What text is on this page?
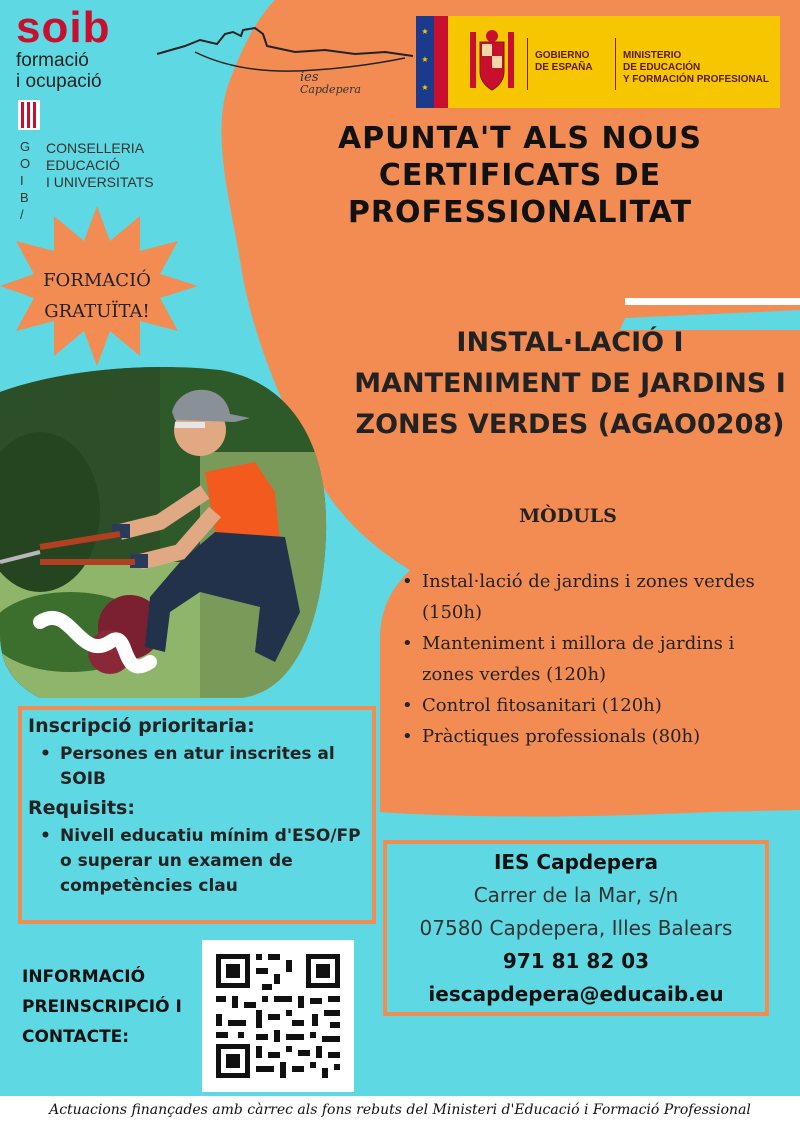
soib
formació
i ocupació
G
O
I
B
/
CONSELLERIA
EDUCACIÓ
I UNIVERSITATS
ies
Capdepera
★
★
★
GOBIERNO
DE ESPAÑA
MINISTERIO
DE EDUCACIÓN
Y FORMACIÓN PROFESIONAL
APUNTA'T ALS NOUS
CERTIFICATS DE
PROFESSIONALITAT
INSTAL·LACIÓ I
MANTENIMENT DE JARDINS I
ZONES VERDES (AGAO0208)
MÒDULS
• Instal·lació de jardins i zones verdes (150h)
• Manteniment i millora de jardins i zones verdes (120h)
• Control fitosanitari (120h)
• Pràctiques professionals (80h)
FORMACIÓ
GRATUÏTA!
Inscripció prioritaria:
• Persones en atur inscrites al SOIB
Requisits:
• Nivell educatiu mínim d'ESO/FP o superar un examen de competències clau
IES Capdepera
Carrer de la Mar, s/n
07580 Capdepera, Illes Balears
971 81 82 03
iescapdepera@educaib.eu
INFORMACIÓ
PREINSCRIPCIÓ I
CONTACTE:
Actuacions finançades amb càrrec als fons rebuts del Ministeri d'Educació i Formació Professional
